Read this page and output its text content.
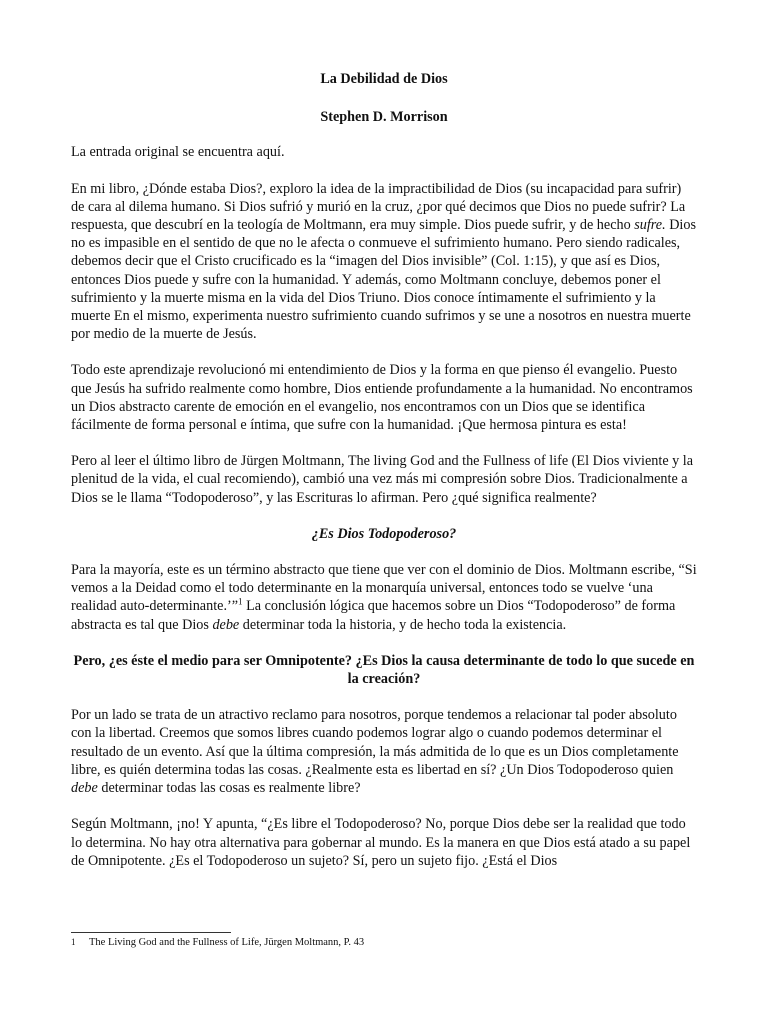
La Debilidad de Dios
Stephen D. Morrison

La entrada original se encuentra aquí.

En mi libro, ¿Dónde estaba Dios?, exploro la idea de la impractibilidad de Dios (su incapacidad para sufrir) de cara al dilema humano. Si Dios sufrió y murió en la cruz, ¿por qué decimos que Dios no puede sufrir? La respuesta, que descubrí en la teología de Moltmann, era muy simple. Dios puede sufrir, y de hecho sufre. Dios no es impasible en el sentido de que no le afecta o conmueve el sufrimiento humano. Pero siendo radicales, debemos decir que el Cristo crucificado es la “imagen del Dios invisible” (Col. 1:15), y que así es Dios, entonces Dios puede y sufre con la humanidad. Y además, como Moltmann concluye, debemos poner el sufrimiento y la muerte misma en la vida del Dios Triuno. Dios conoce íntimamente el sufrimiento y la muerte En el mismo, experimenta nuestro sufrimiento cuando sufrimos y se une a nosotros en nuestra muerte por medio de la muerte de Jesús.

Todo este aprendizaje revolucionó mi entendimiento de Dios y la forma en que pienso él evangelio. Puesto que Jesús ha sufrido realmente como hombre, Dios entiende profundamente a la humanidad. No encontramos un Dios abstracto carente de emoción en el evangelio, nos encontramos con un Dios que se identifica fácilmente de forma personal e íntima, que sufre con la humanidad. ¡Que hermosa pintura es esta!

Pero al leer el último libro de Jürgen Moltmann, The living God and the Fullness of life (El Dios viviente y la plenitud de la vida, el cual recomiendo), cambió una vez más mi compresión sobre Dios. Tradicionalmente a Dios se le llama “Todopoderoso”, y las Escrituras lo afirman. Pero ¿qué significa realmente?

¿Es Dios Todopoderoso?

Para la mayoría, este es un término abstracto que tiene que ver con el dominio de Dios. Moltmann escribe, “Si vemos a la Deidad como el todo determinante en la monarquía universal, entonces todo se vuelve ‘una realidad auto-determinante.’”$^1$ La conclusión lógica que hacemos sobre un Dios “Todopoderoso” de forma abstracta es tal que Dios debe determinar toda la historia, y de hecho toda la existencia.

Pero, ¿es éste el medio para ser Omnipotente? ¿Es Dios la causa determinante de todo lo que sucede en la creación?

Por un lado se trata de un atractivo reclamo para nosotros, porque tendemos a relacionar tal poder absoluto con la libertad. Creemos que somos libres cuando podemos lograr algo o cuando podemos determinar el resultado de un evento. Así que la última compresión, la más admitida de lo que es un Dios completamente libre, es quién determina todas las cosas. ¿Realmente esta es libertad en sí? ¿Un Dios Todopoderoso quien debe determinar todas las cosas es realmente libre?

Según Moltmann, ¡no! Y apunta, “¿Es libre el Todopoderoso? No, porque Dios debe ser la realidad que todo lo determina. No hay otra alternativa para gobernar al mundo. Es la manera en que Dios está atado a su papel de Omnipotente. ¿Es el Todopoderoso un sujeto? Sí, pero un sujeto fijo. ¿Está el Dios

1 The Living God and the Fullness of Life, Jürgen Moltmann, P. 43
